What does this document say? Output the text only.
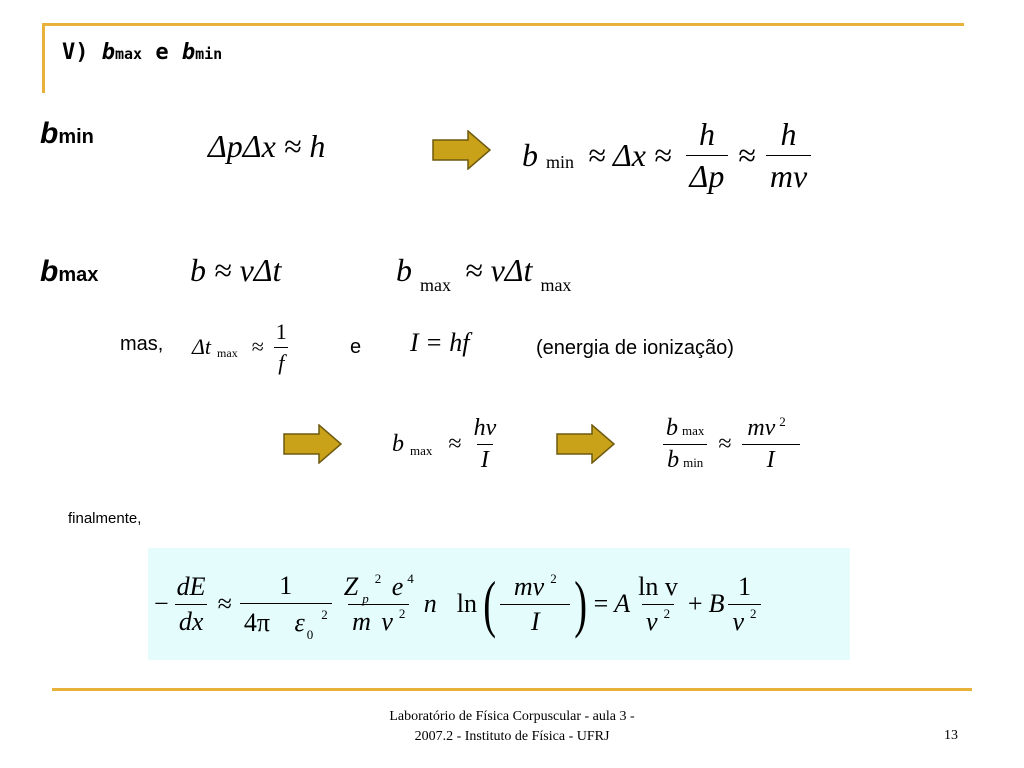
V) bmax e bmin
bmin	ΔpΔx ≈ h	b $\min \approx \Delta x \approx \frac{h}{\Delta p} \approx \frac{h}{mv}$
bmax	b ≈ vΔt	b max ≈ vΔt max
mas, Δt $\max \approx \frac{1}{f}$	e I = hf	(energia de ionização)
b $\max \approx \frac{hv}{I}$	$\frac{\text{b max}}{\text{b min}} \approx \frac{mv ^2}{I}$
finalmente,
− $\frac{dE}{dx} \approx \frac{1}{4\pi \varepsilon _0^2} \frac{Z _p^2 e ^4}{m v ^2}$ n ln ( $\frac{mv ^2}{I}$ ) = A $\frac{\text{ln v}}{v ^2} + B \frac{1}{v ^2}$
Laboratório de Física Corpuscular - aula 3 -
2007.2 - Instituto de Física - UFRJ	13
